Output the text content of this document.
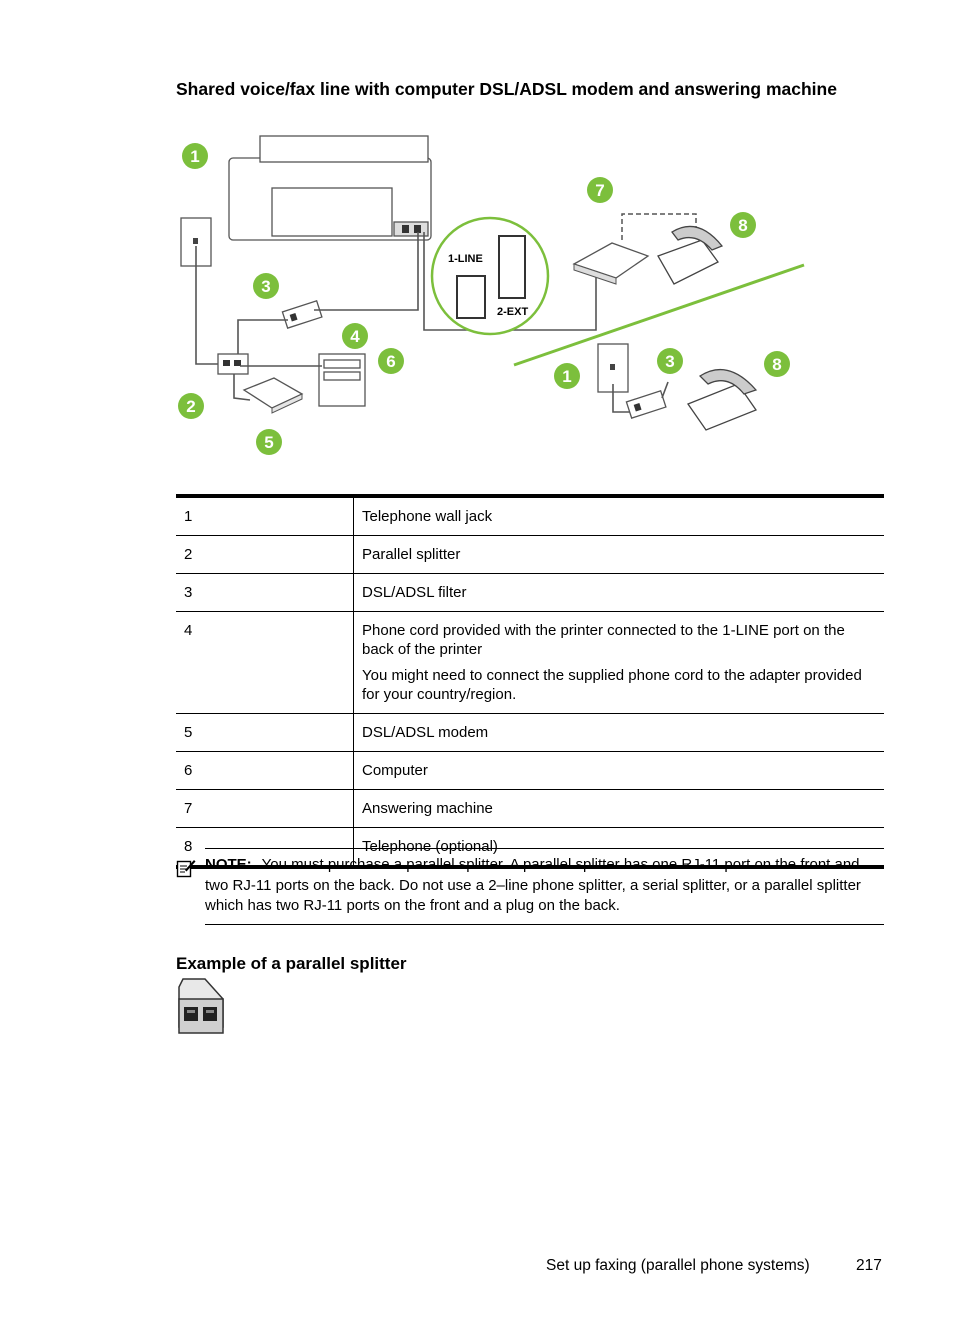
Shared voice/fax line with computer DSL/ADSL modem and answering machine
1-LINE
2-EXT
1
2
3
4
5
6
7
8
1
3	8
1	Telephone wall jack

2	Parallel splitter

3	DSL/ADSL filter

4	Phone cord provided with the printer connected to the 1-LINE port on the back of the printer

You might need to connect the supplied phone cord to the adapter provided for your country/region.

5	DSL/ADSL modem

6	Computer

7	Answering machine

8	Telephone (optional)

NOTE: You must purchase a parallel splitter. A parallel splitter has one RJ-11 port on the front and two RJ-11 ports on the back. Do not use a 2–line phone splitter, a serial splitter, or a parallel splitter which has two RJ-11 ports on the front and a plug on the back.
Example of a parallel splitter
Set up faxing (parallel phone systems)	217
